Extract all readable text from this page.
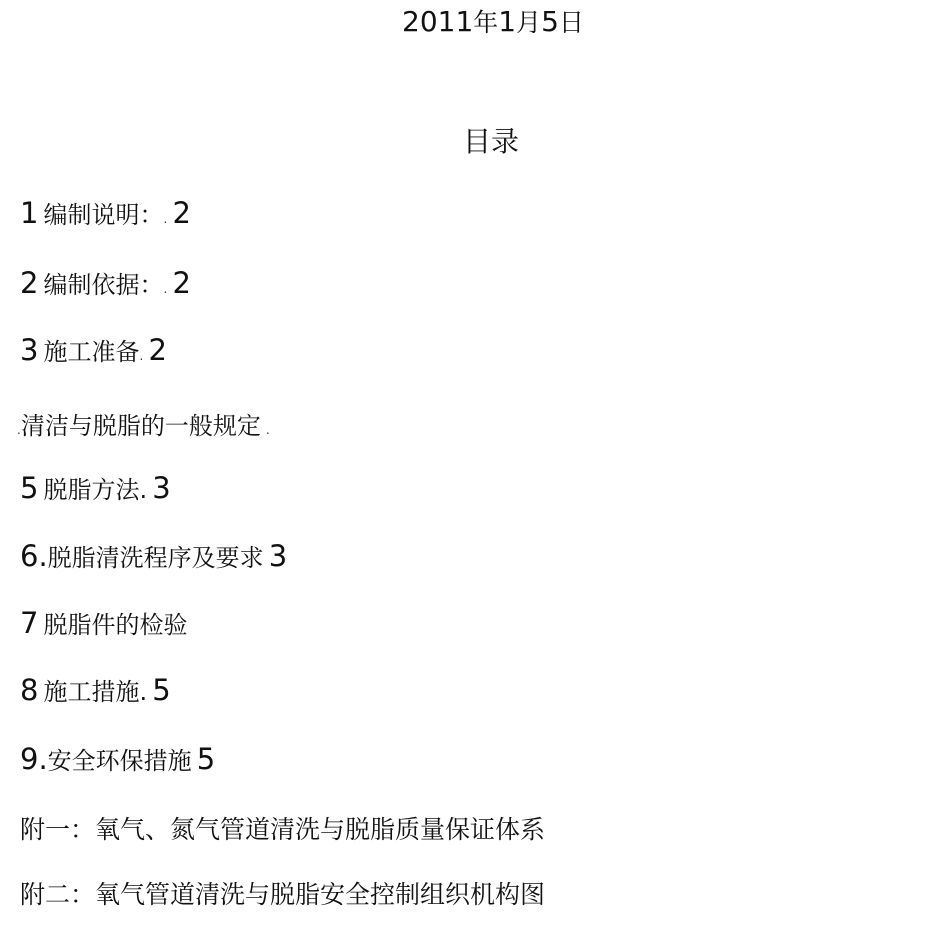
2011年1月5日
目录
1 编制说明：. 2
2 编制依据：. 2
3 施工准备. 2
.清洁与脱脂的一般规定 .
5 脱脂方法. 3
6.脱脂清洗程序及要求 3
7 脱脂件的检验
8 施工措施. 5
9.安全环保措施 5
附一：氧气、氮气管道清洗与脱脂质量保证体系
附二：氧气管道清洗与脱脂安全控制组织机构图
